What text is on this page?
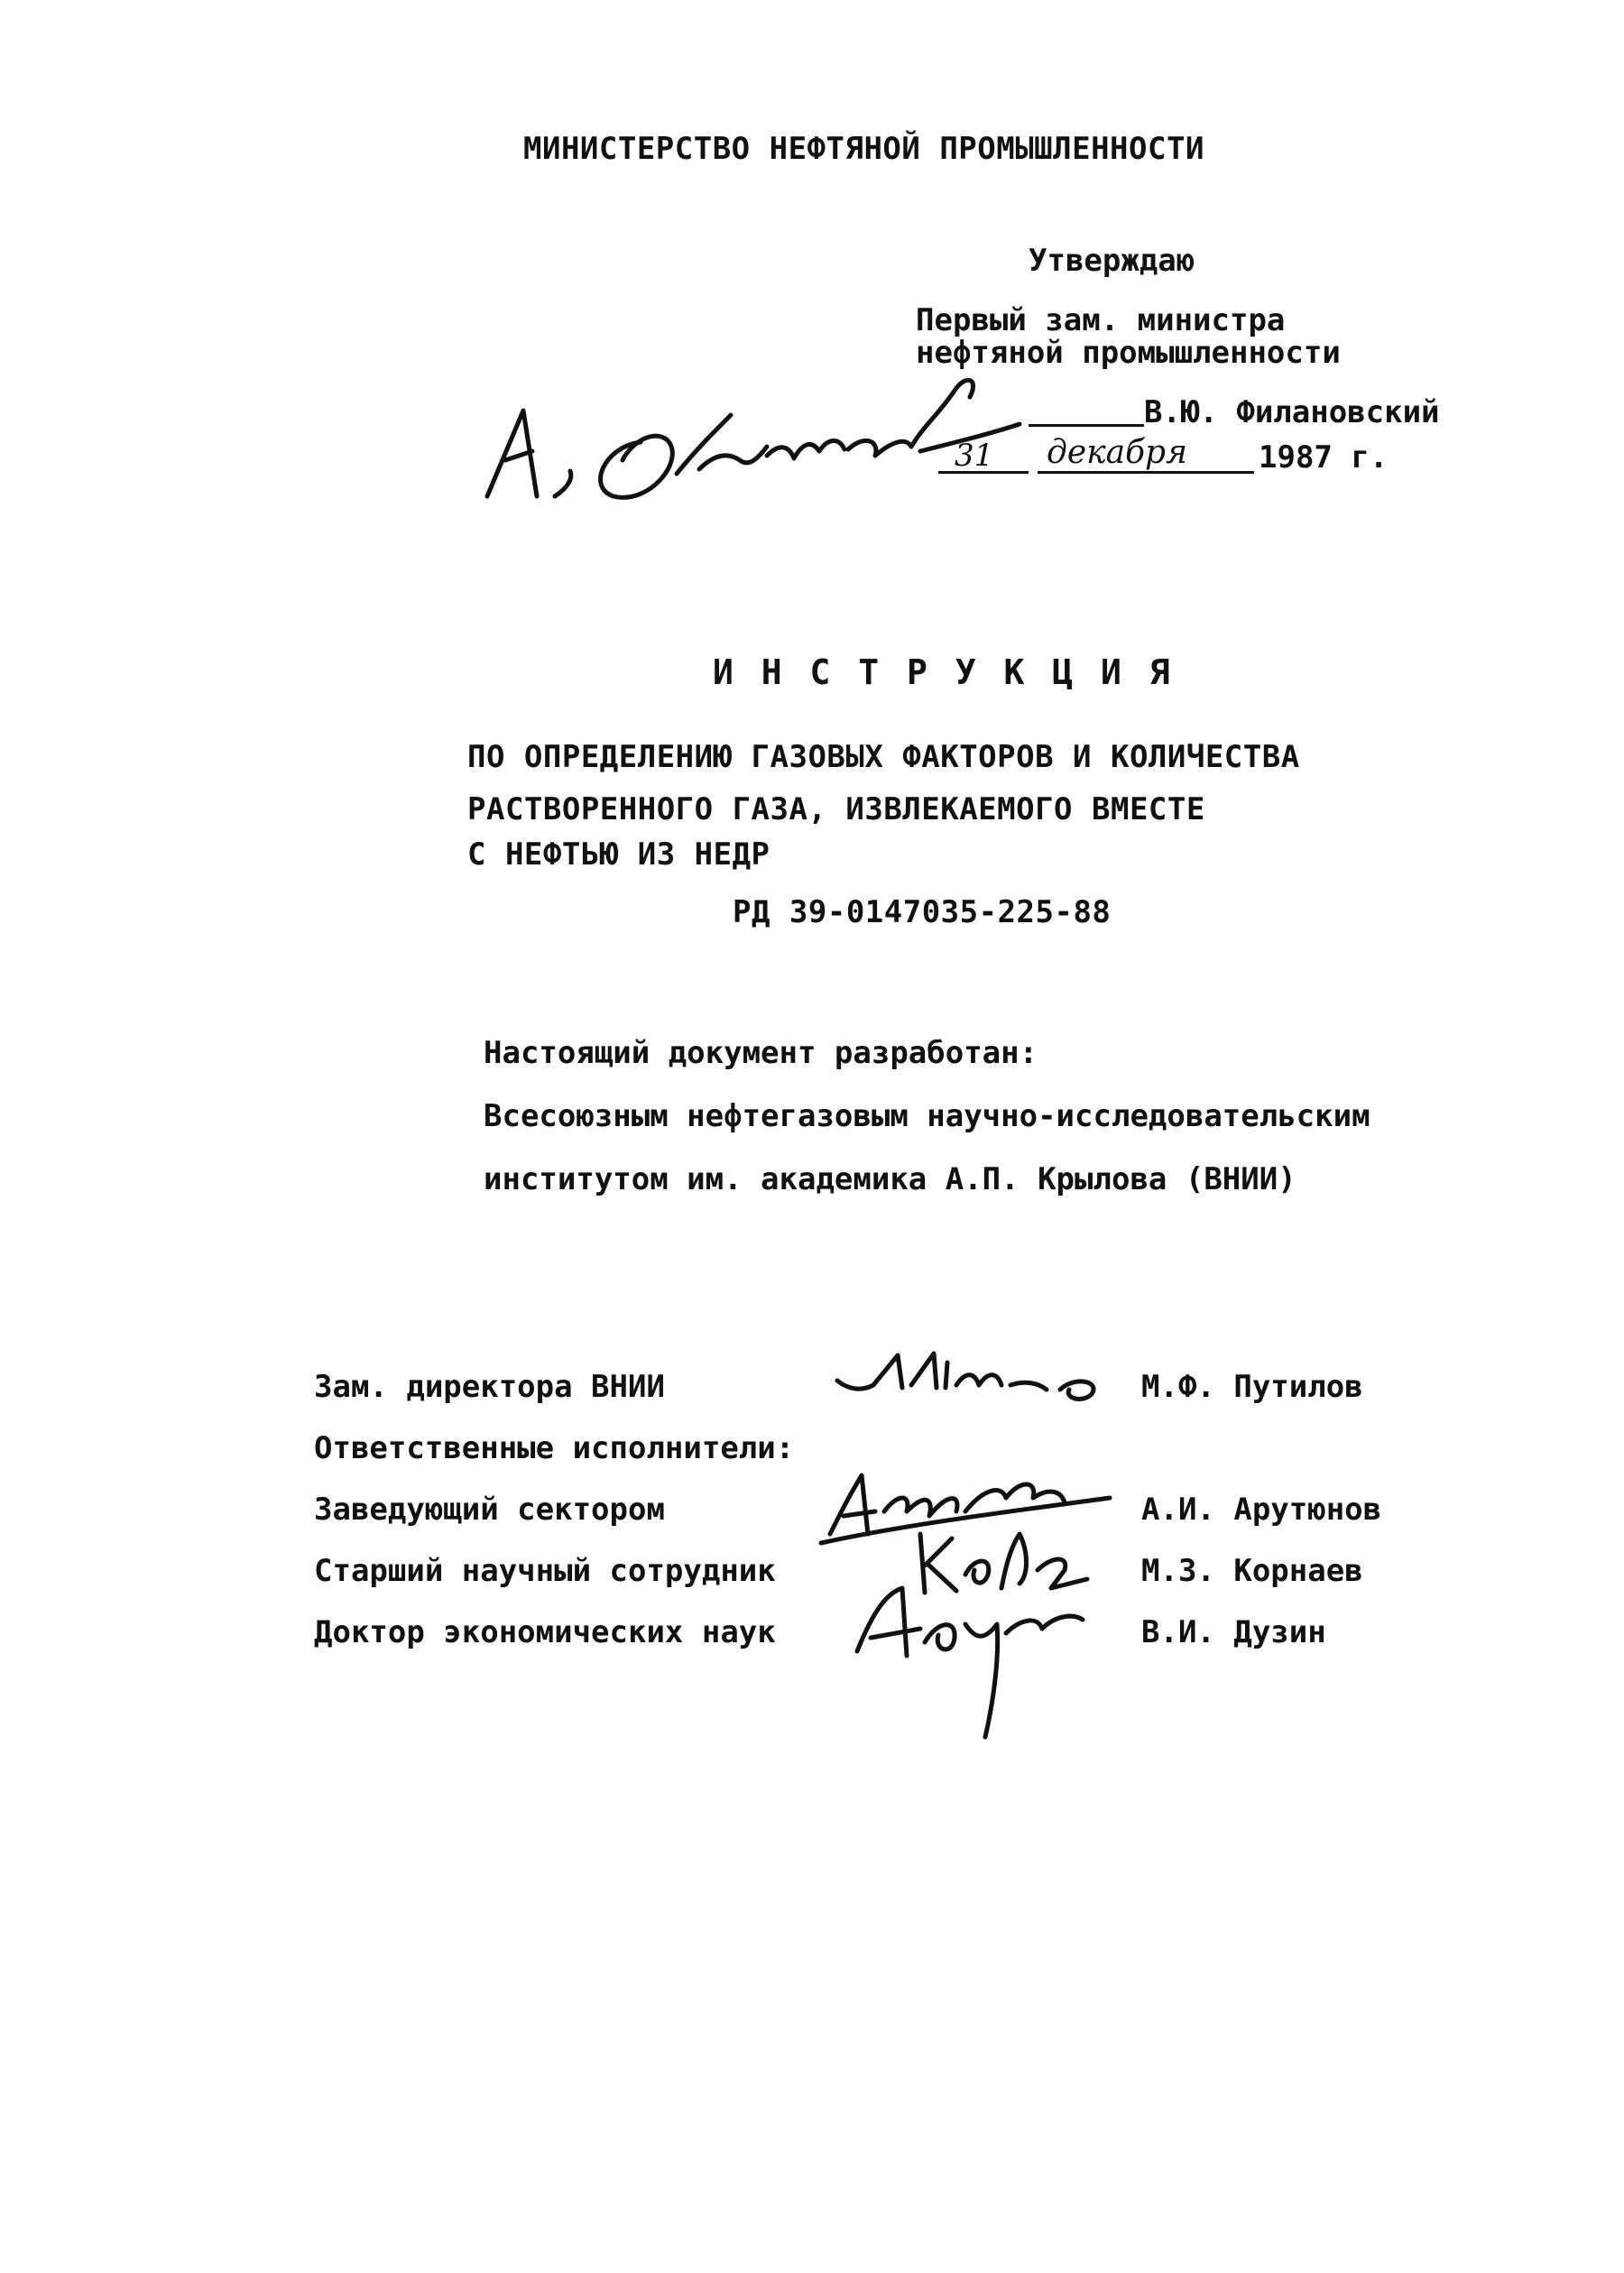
МИНИСТЕРСТВО НЕФТЯНОЙ ПРОМЫШЛЕННОСТИ
Утверждаю
Первый зам. министра
нефтяной промышленности
В.Ю. Филановский
31 декабря 1987 г.
И Н С Т Р У К Ц И Я
ПО ОПРЕДЕЛЕНИЮ ГАЗОВЫХ ФАКТОРОВ И КОЛИЧЕСТВА
РАСТВОРЕННОГО ГАЗА, ИЗВЛЕКАЕМОГО ВМЕСТЕ
С НЕФТЬЮ ИЗ НЕДР
РД 39-0147035-225-88
Настоящий документ разработан:
Всесоюзным нефтегазовым научно-исследовательским
институтом им. академика А.П. Крылова (ВНИИ)
Зам. директора ВНИИ	М.Ф. Путилов
Ответственные исполнители:
Заведующий сектором	А.И. Арутюнов
Старший научный сотрудник	М.З. Корнаев
Доктор экономических наук	В.И. Дузин
